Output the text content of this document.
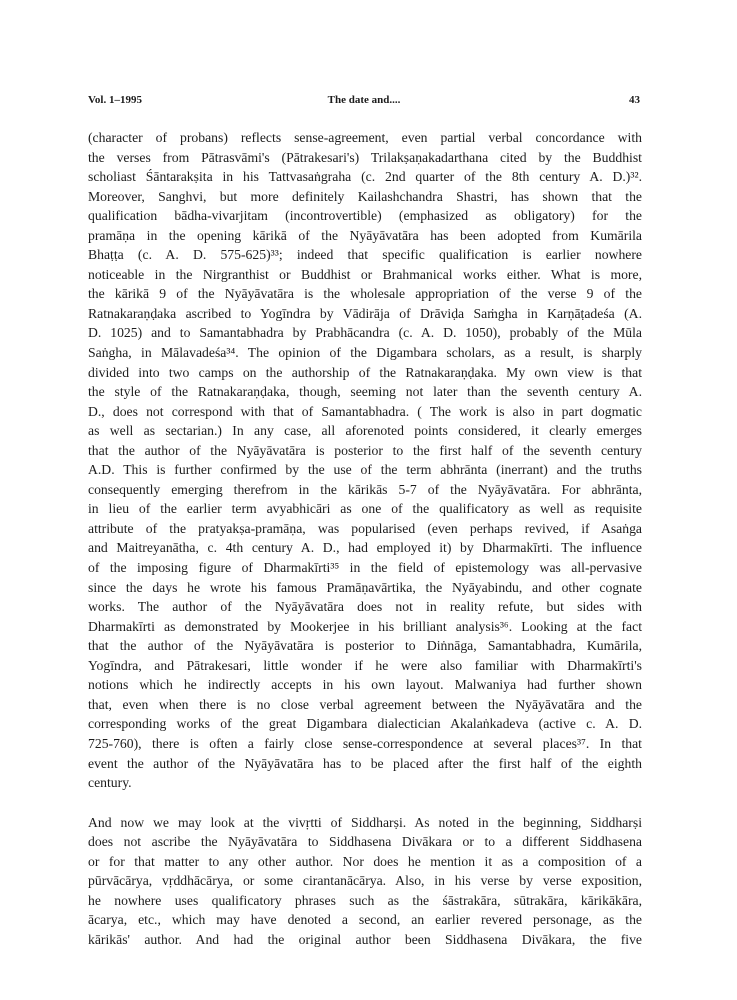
Vol. 1–1995	The date and....	43

(character of probans) reflects sense-agreement, even partial verbal concordance with

the verses from Pātrasvāmi's (Pātrakesari's) Trilakṣaṇakadarthana cited by the Buddhist

scholiast Śāntarakṣita in his Tattvasaṅgraha (c. 2nd quarter of the 8th century A. D.)³².

Moreover, Sanghvi, but more definitely Kailashchandra Shastri, has shown that the

qualification bādha-vivarjitam (incontrovertible) (emphasized as obligatory) for the

pramāṇa in the opening kārikā of the Nyāyāvatāra has been adopted from Kumārila

Bhaṭṭa (c. A. D. 575-625)³³; indeed that specific qualification is earlier nowhere

noticeable in the Nirgranthist or Buddhist or Brahmanical works either. What is more,

the kārikā 9 of the Nyāyāvatāra is the wholesale appropriation of the verse 9 of the

Ratnakaraṇḍaka ascribed to Yogīndra by Vādirāja of Drāviḍa Saṁgha in Karṇāṭadeśa (A.

D. 1025) and to Samantabhadra by Prabhācandra (c. A. D. 1050), probably of the Mūla

Saṅgha, in Mālavadeśa³⁴. The opinion of the Digambara scholars, as a result, is sharply

divided into two camps on the authorship of the Ratnakaraṇḍaka. My own view is that

the style of the Ratnakaraṇḍaka, though, seeming not later than the seventh century A.

D., does not correspond with that of Samantabhadra. ( The work is also in part dogmatic

as well as sectarian.) In any case, all aforenoted points considered, it clearly emerges

that the author of the Nyāyāvatāra is posterior to the first half of the seventh century

A.D. This is further confirmed by the use of the term abhrānta (inerrant) and the truths

consequently emerging therefrom in the kārikās 5-7 of the Nyāyāvatāra. For abhrānta,

in lieu of the earlier term avyabhicāri as one of the qualificatory as well as requisite

attribute of the pratyakṣa-pramāṇa, was popularised (even perhaps revived, if Asaṅga

and Maitreyanātha, c. 4th century A. D., had employed it) by Dharmakīrti. The influence

of the imposing figure of Dharmakīrti³⁵ in the field of epistemology was all-pervasive

since the days he wrote his famous Pramāṇavārtika, the Nyāyabindu, and other cognate

works. The author of the Nyāyāvatāra does not in reality refute, but sides with

Dharmakīrti as demonstrated by Mookerjee in his brilliant analysis³⁶. Looking at the fact

that the author of the Nyāyāvatāra is posterior to Diṅnāga, Samantabhadra, Kumārila,

Yogīndra, and Pātrakesari, little wonder if he were also familiar with Dharmakīrti's

notions which he indirectly accepts in his own layout. Malwaniya had further shown

that, even when there is no close verbal agreement between the Nyāyāvatāra and the

corresponding works of the great Digambara dialectician Akalaṅkadeva (active c. A. D.

725-760), there is often a fairly close sense-correspondence at several places³⁷. In that

event the author of the Nyāyāvatāra has to be placed after the first half of the eighth

century.

And now we may look at the vivṛtti of Siddharṣi. As noted in the beginning, Siddharṣi

does not ascribe the Nyāyāvatāra to Siddhasena Divākara or to a different Siddhasena

or for that matter to any other author. Nor does he mention it as a composition of a

pūrvācārya, vṛddhācārya, or some cirantanācārya. Also, in his verse by verse exposition,

he nowhere uses qualificatory phrases such as the śāstrakāra, sūtrakāra, kārikākāra,

ācarya, etc., which may have denoted a second, an earlier revered personage, as the

kārikās' author. And had the original author been Siddhasena Divākara, the five
